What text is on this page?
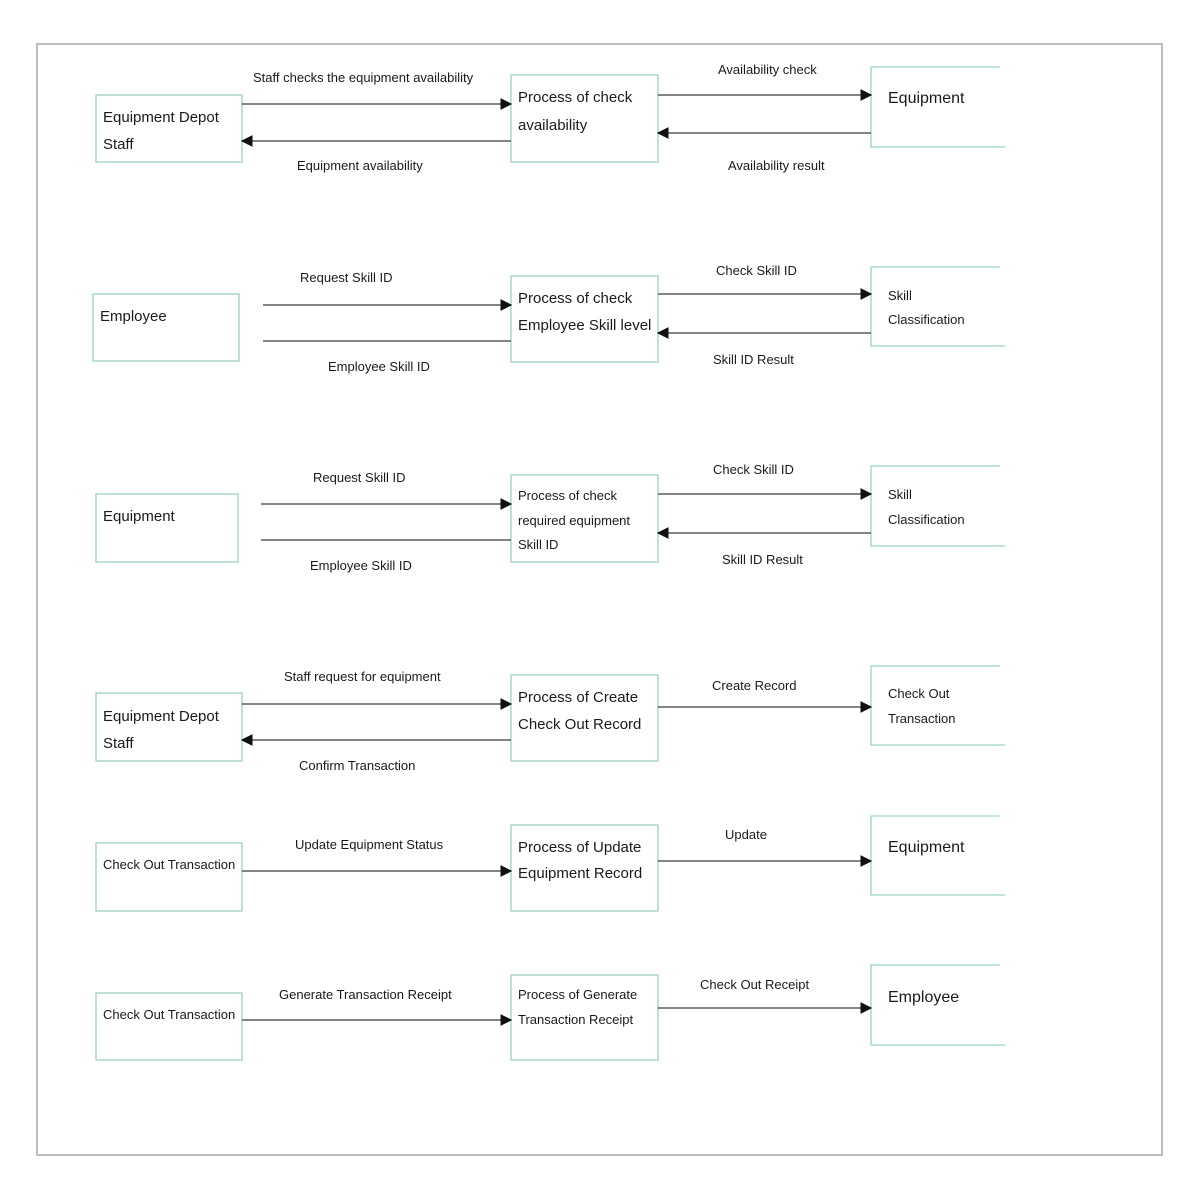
Equipment Depot Staff
Process of check availability
Equipment
Staff checks the equipment availability
Equipment availability
Availability check
Availability result
Employee
Process of check Employee Skill level
Skill Classification
Request Skill ID
Employee Skill ID
Check Skill ID
Skill ID Result
Equipment
Process of check required equipment Skill ID
Skill Classification
Request Skill ID
Employee Skill ID
Check Skill ID
Skill ID Result
Equipment Depot Staff
Process of Create Check Out Record
Check Out Transaction
Staff request for equipment
Confirm Transaction
Create Record
Check Out Transaction
Process of Update Equipment Record
Equipment
Update Equipment Status
Update
Check Out Transaction
Process of Generate Transaction Receipt
Employee
Generate Transaction Receipt
Check Out Receipt
